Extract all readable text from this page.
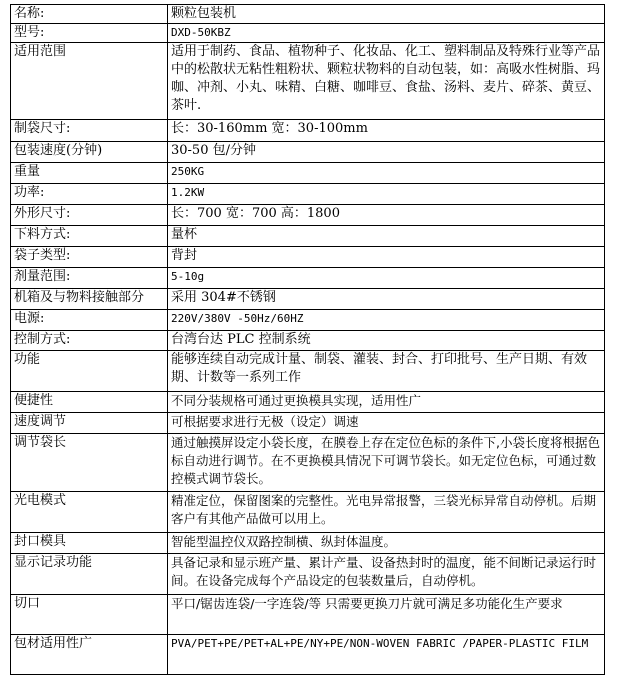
名称:	颗粒包装机
型号:	DXD-50KBZ
适用范围	适用于制药、食品、植物种子、化妆品、化工、塑料制品及特殊行业等产品中的松散状无粘性粗粉状、颗粒状物料的自动包装，如：高吸水性树脂、玛咖、冲剂、小丸、味精、白糖、咖啡豆、食盐、汤料、麦片、碎茶、黄豆、茶叶.
制袋尺寸:	长：30-160mm 宽：30-100mm
包装速度(分钟)	30-50 包/分钟
重量	250KG
功率:	1.2KW
外形尺寸:	长：700 宽：700 高：1800
下料方式:	量杯
袋子类型:	背封
剂量范围:	5-10g
机箱及与物料接触部分	采用 304#不锈钢
电源:	220V/380V -50Hz/60HZ
控制方式:	台湾台达 PLC 控制系统
功能	能够连续自动完成计量、制袋、灌装、封合、打印批号、生产日期、有效期、计数等一系列工作
便捷性	不同分装规格可通过更换模具实现，适用性广
速度调节	可根据要求进行无极（设定）调速
调节袋长	通过触摸屏设定小袋长度，在膜卷上存在定位色标的条件下,小袋长度将根据色标自动进行调节。在不更换模具情况下可调节袋长。如无定位色标，可通过数控模式调节袋长。
光电模式	精准定位，保留图案的完整性。光电异常报警，三袋光标异常自动停机。后期客户有其他产品做可以用上。
封口模具	智能型温控仪双路控制横、纵封体温度。
显示记录功能	具备记录和显示班产量、累计产量、设备热封时的温度，能不间断记录运行时间。在设备完成每个产品设定的包装数量后，自动停机。
切口	平口/锯齿连袋/一字连袋/等 只需要更换刀片就可满足多功能化生产要求
包材适用性广	PVA/PET+PE/PET+AL+PE/NY+PE/NON-WOVEN FABRIC /PAPER-PLASTIC FILM
